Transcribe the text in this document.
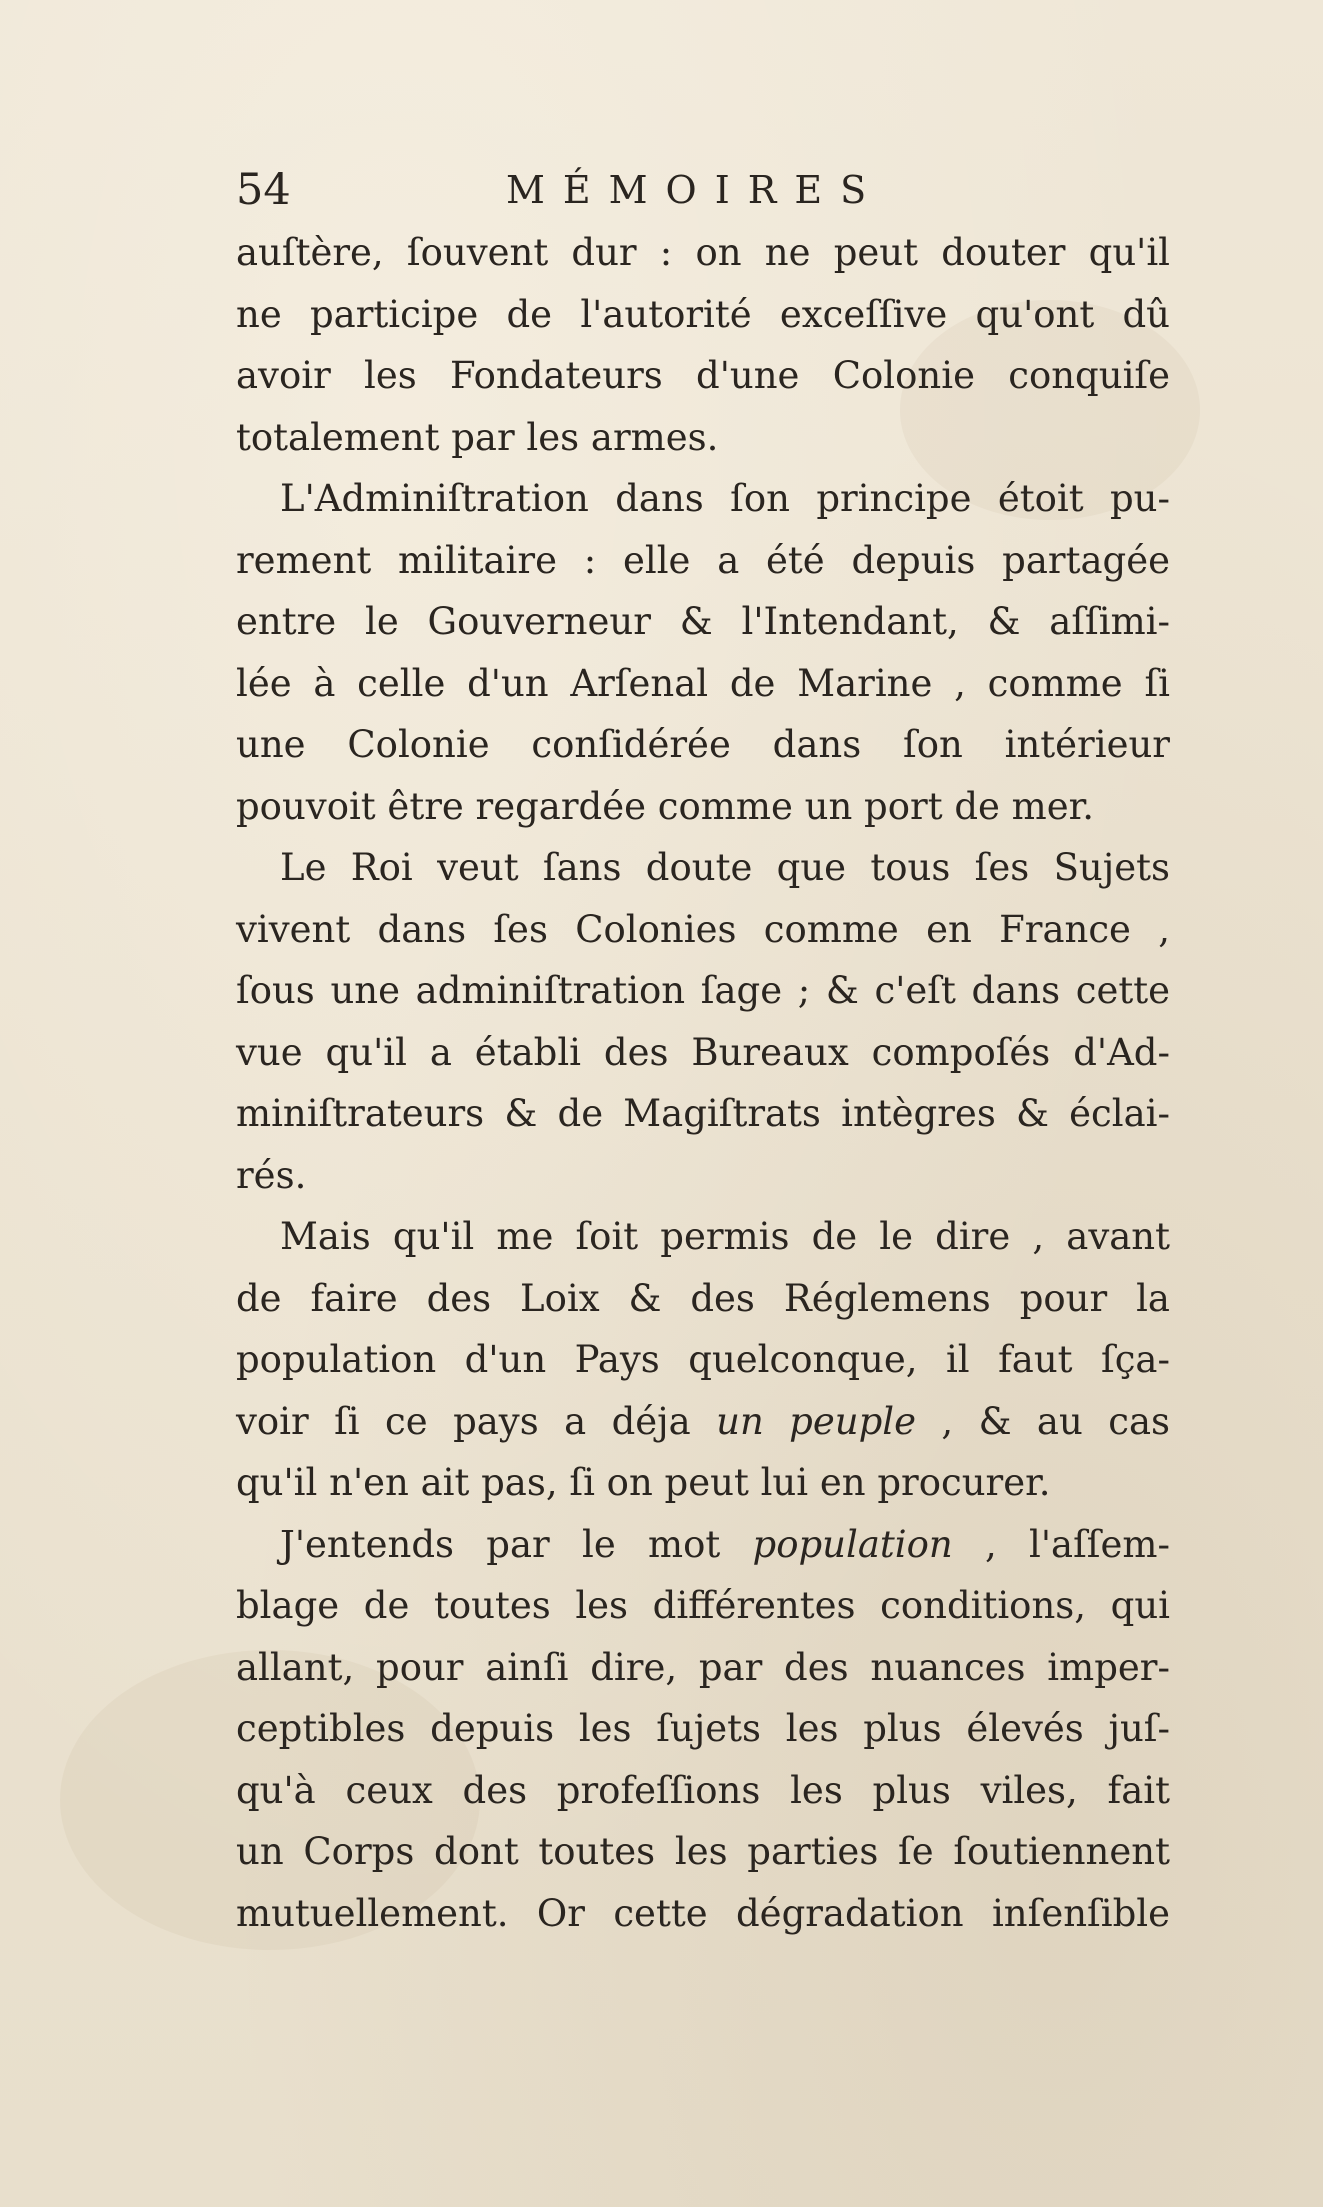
54	MÉMOIRES
auſtère, ſouvent dur : on ne peut douter qu'il
ne participe de l'autorité exceſſive qu'ont dû
avoir les Fondateurs d'une Colonie conquiſe
totalement par les armes.
L'Adminiſtration dans ſon principe étoit pu-
rement militaire : elle a été depuis partagée
entre le Gouverneur & l'Intendant, & aſſimi-
lée à celle d'un Arſenal de Marine , comme ſi
une Colonie conſidérée dans ſon intérieur
pouvoit être regardée comme un port de mer.
Le Roi veut ſans doute que tous ſes Sujets
vivent dans ſes Colonies comme en France ,
ſous une adminiſtration ſage ; & c'eſt dans cette
vue qu'il a établi des Bureaux compoſés d'Ad-
miniſtrateurs & de Magiſtrats intègres & éclai-
rés.
Mais qu'il me ſoit permis de le dire , avant
de faire des Loix & des Réglemens pour la
population d'un Pays quelconque, il faut ſça-
voir ſi ce pays a déja un peuple , & au cas
qu'il n'en ait pas, ſi on peut lui en procurer.
J'entends par le mot population , l'aſſem-
blage de toutes les différentes conditions, qui
allant, pour ainſi dire, par des nuances imper-
ceptibles depuis les ſujets les plus élevés juſ-
qu'à ceux des profeſſions les plus viles, fait
un Corps dont toutes les parties ſe ſoutiennent
mutuellement. Or cette dégradation inſenſible
